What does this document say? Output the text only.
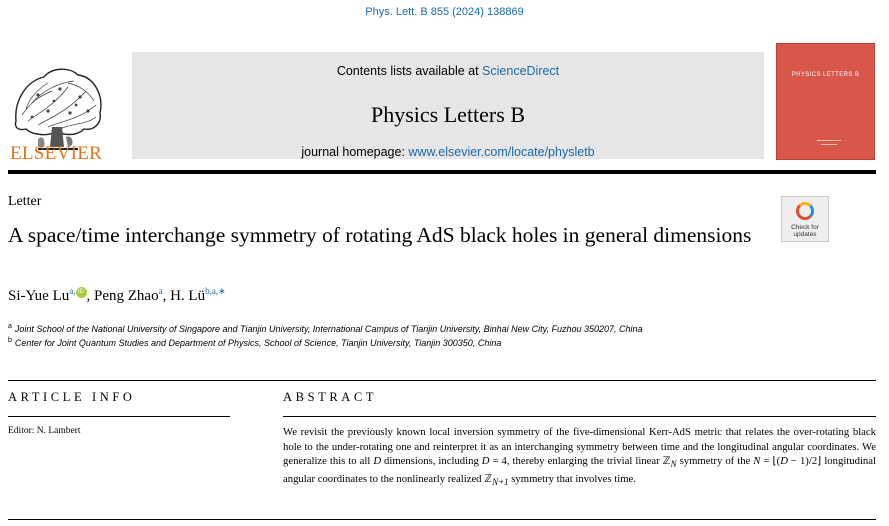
Phys. Lett. B 855 (2024) 138869
ELSEVIER
Contents lists available at ScienceDirect
Physics Letters B
journal homepage: www.elsevier.com/locate/physletb
PHYSICS LETTERS B
Letter
Check for
updates
A space/time interchange symmetry of rotating AdS black holes in general dimensions
Si-Yue $Lu^{a,}$ iD , Peng Zhao$^a$, H. $Lü^{b,a,∗}$
$^a$ Joint School of the National University of Singapore and Tianjin University, International Campus of Tianjin University, Binhai New City, Fuzhou 350207, China
$^b$ Center for Joint Quantum Studies and Department of Physics, School of Science, Tianjin University, Tianjin 300350, China
ARTICLE INFO	ABSTRACT
Editor: N. Lambert	We revisit the previously known local inversion symmetry of the five-dimensional Kerr-AdS metric that relates the over-rotating black hole to the under-rotating one and reinterpret it as an interchanging symmetry between time and the longitudinal angular coordinates. We generalize this to all D dimensions, including D = 4, thereby enlarging the trivial linear ℤ$_N$ symmetry of the N = ⌊(D − 1)/2⌋ longitudinal angular coordinates to the nonlinearly realized ℤ$_{N+1}$ symmetry that involves time.
